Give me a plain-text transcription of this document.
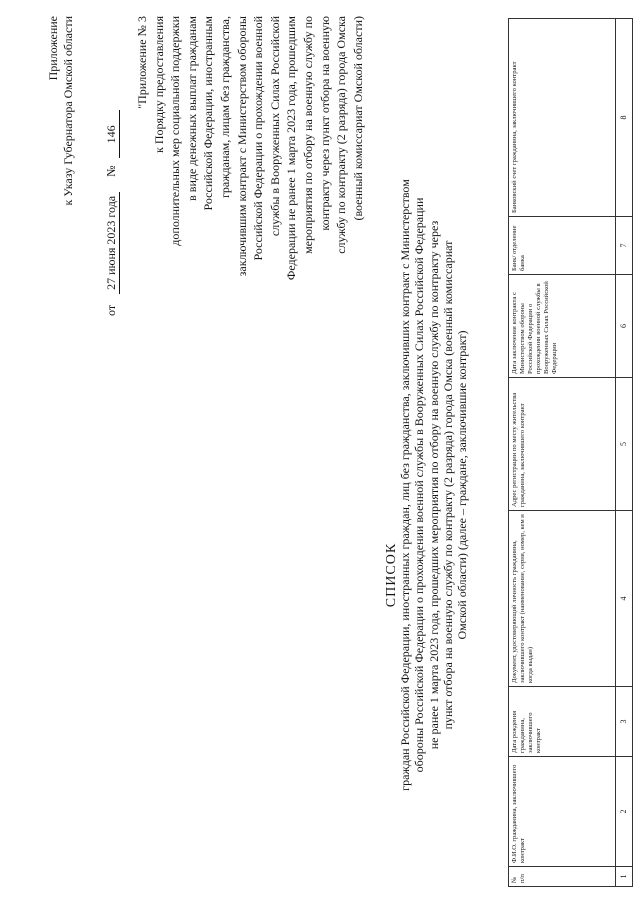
Приложение к Указу Губернатора Омской области
от 27 июня 2023 года № 146
"Приложение № 3 к Порядку предоставления дополнительных мер социальной поддержки в виде денежных выплат гражданам Российской Федерации, иностранным гражданам, лицам без гражданства, заключившим контракт с Министерством обороны Российской Федерации о прохождении военной службы в Вооруженных Силах Российской Федерации не ранее 1 марта 2023 года, прошедшим мероприятия по отбору на военную службу по контракту через пункт отбора на военную службу по контракту (2 разряда) города Омска (военный комиссариат Омской области)
СПИСОК граждан Российской Федерации, иностранных граждан, лиц без гражданства, заключивших контракт с Министерством обороны Российской Федерации о прохождении военной службы в Вооруженных Силах Российской Федерации не ранее 1 марта 2023 года, прошедших мероприятия по отбору на военную службу по контракту через пункт отбора на военную службу по контракту (2 разряда) города Омска (военный комиссариат Омской области) (далее – граждане, заключившие контракт)
№ п/п	Ф.И.О. гражданина, заключившего контракт	Дата рождения гражданина, заключившего контракт	Документ, удостоверяющий личность гражданина, заключившего контракт (наименование, серия, номер, кем и когда выдан)	Адрес регистрации по месту жительства гражданина, заключившего контракт	Дата заключения контракта с Министерством обороны Российской Федерации о прохождении военной службы в Вооруженных Силах Российской Федерации	Банк/ отделение банка	Банковский счет гражданина, заключившего контракт
1	2	3	4	5	6	7	8
